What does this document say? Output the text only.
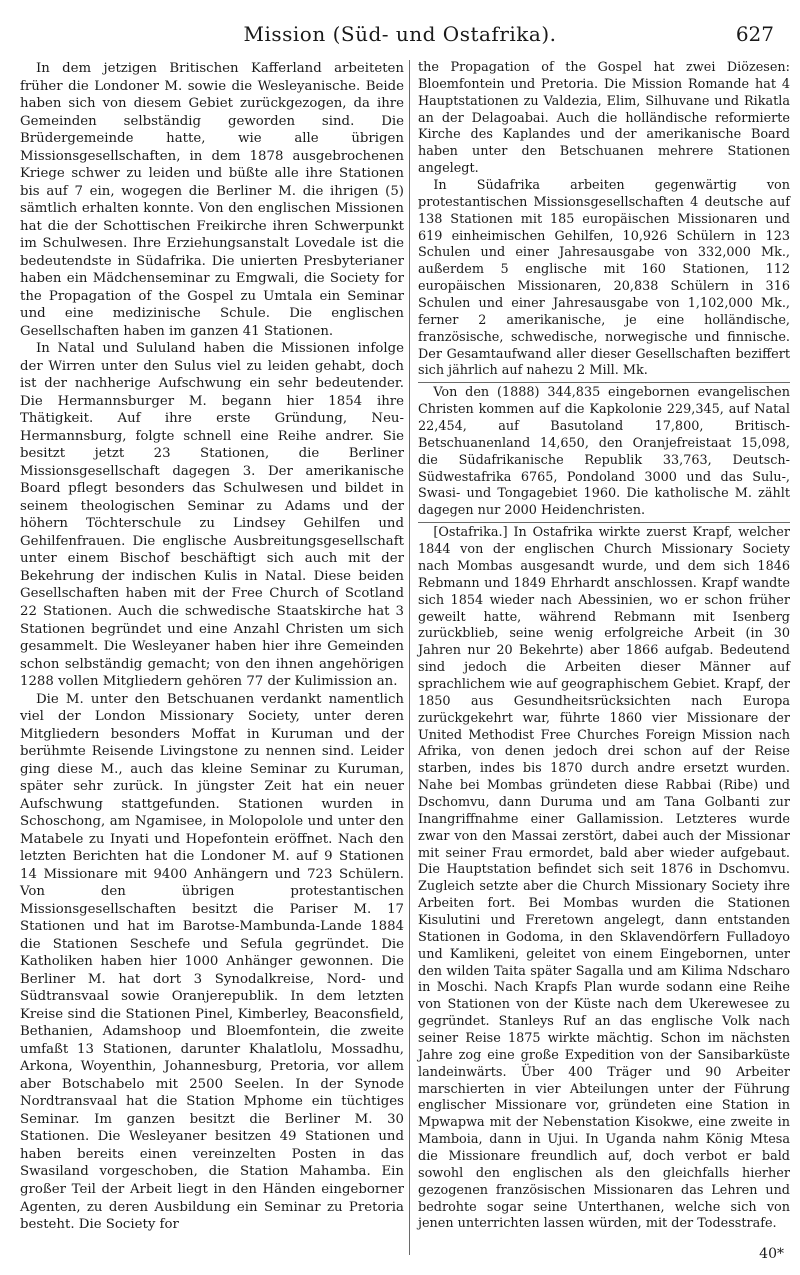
Mission (Süd- und Ostafrika).	627

In dem jetzigen Britischen Kafferland arbeiteten früher die Londoner M. sowie die Wesleyanische. Beide haben sich von diesem Gebiet zurückgezogen, da ihre Gemeinden selbständig geworden sind. Die Brüdergemeinde hatte, wie alle übrigen Missionsgesellschaften, in dem 1878 ausgebrochenen Kriege schwer zu leiden und büßte alle ihre Stationen bis auf 7 ein, wogegen die Berliner M. die ihrigen (5) sämtlich erhalten konnte. Von den englischen Missionen hat die der Schottischen Freikirche ihren Schwerpunkt im Schulwesen. Ihre Erziehungsanstalt Lovedale ist die bedeutendste in Südafrika. Die unierten Presbyterianer haben ein Mädchenseminar zu Emgwali, die Society for the Propagation of the Gospel zu Umtala ein Seminar und eine medizinische Schule. Die englischen Gesellschaften haben im ganzen 41 Stationen.

In Natal und Sululand haben die Missionen infolge der Wirren unter den Sulus viel zu leiden gehabt, doch ist der nachherige Aufschwung ein sehr bedeutender. Die Hermannsburger M. begann hier 1854 ihre Thätigkeit. Auf ihre erste Gründung, Neu-Hermannsburg, folgte schnell eine Reihe andrer. Sie besitzt jetzt 23 Stationen, die Berliner Missionsgesellschaft dagegen 3. Der amerikanische Board pflegt besonders das Schulwesen und bildet in seinem theologischen Seminar zu Adams und der höhern Töchterschule zu Lindsey Gehilfen und Gehilfenfrauen. Die englische Ausbreitungsgesellschaft unter einem Bischof beschäftigt sich auch mit der Bekehrung der indischen Kulis in Natal. Diese beiden Gesellschaften haben mit der Free Church of Scotland 22 Stationen. Auch die schwedische Staatskirche hat 3 Stationen begründet und eine Anzahl Christen um sich gesammelt. Die Wesleyaner haben hier ihre Gemeinden schon selbständig gemacht; von den ihnen angehörigen 1288 vollen Mitgliedern gehören 77 der Kulimission an.

Die M. unter den Betschuanen verdankt namentlich viel der London Missionary Society, unter deren Mitgliedern besonders Moffat in Kuruman und der berühmte Reisende Livingstone zu nennen sind. Leider ging diese M., auch das kleine Seminar zu Kuruman, später sehr zurück. In jüngster Zeit hat ein neuer Aufschwung stattgefunden. Stationen wurden in Schoschong, am Ngamisee, in Molopolole und unter den Matabele zu Inyati und Hopefontein eröffnet. Nach den letzten Berichten hat die Londoner M. auf 9 Stationen 14 Missionare mit 9400 Anhängern und 723 Schülern. Von den übrigen protestantischen Missionsgesellschaften besitzt die Pariser M. 17 Stationen und hat im Barotse-Mambunda-Lande 1884 die Stationen Seschefe und Sefula gegründet. Die Katholiken haben hier 1000 Anhänger gewonnen. Die Berliner M. hat dort 3 Synodalkreise, Nord- und Südtransvaal sowie Oranjerepublik. In dem letzten Kreise sind die Stationen Pinel, Kimberley, Beaconsfield, Bethanien, Adamshoop und Bloemfontein, die zweite umfaßt 13 Stationen, darunter Khalatlolu, Mossadhu, Arkona, Woyenthin, Johannesburg, Pretoria, vor allem aber Botschabelo mit 2500 Seelen. In der Synode Nordtransvaal hat die Station Mphome ein tüchtiges Seminar. Im ganzen besitzt die Berliner M. 30 Stationen. Die Wesleyaner besitzen 49 Stationen und haben bereits einen vereinzelten Posten in das Swasiland vorgeschoben, die Station Mahamba. Ein großer Teil der Arbeit liegt in den Händen eingeborner Agenten, zu deren Ausbildung ein Seminar zu Pretoria besteht. Die Society for

the Propagation of the Gospel hat zwei Diözesen: Bloemfontein und Pretoria. Die Mission Romande hat 4 Hauptstationen zu Valdezia, Elim, Silhuvane und Rikatla an der Delagoabai. Auch die holländische reformierte Kirche des Kaplandes und der amerikanische Board haben unter den Betschuanen mehrere Stationen angelegt.

In Südafrika arbeiten gegenwärtig von protestantischen Missionsgesellschaften 4 deutsche auf 138 Stationen mit 185 europäischen Missionaren und 619 einheimischen Gehilfen, 10,926 Schülern in 123 Schulen und einer Jahresausgabe von 332,000 Mk., außerdem 5 englische mit 160 Stationen, 112 europäischen Missionaren, 20,838 Schülern in 316 Schulen und einer Jahresausgabe von 1,102,000 Mk., ferner 2 amerikanische, je eine holländische, französische, schwedische, norwegische und finnische. Der Gesamtaufwand aller dieser Gesellschaften beziffert sich jährlich auf nahezu 2 Mill. Mk.

Von den (1888) 344,835 eingebornen evangelischen Christen kommen auf die Kapkolonie 229,345, auf Natal 22,454, auf Basutoland 17,800, Britisch-Betschuanenland 14,650, den Oranjefreistaat 15,098, die Südafrikanische Republik 33,763, Deutsch-Südwestafrika 6765, Pondoland 3000 und das Sulu-, Swasi- und Tongagebiet 1960. Die katholische M. zählt dagegen nur 2000 Heidenchristen.

[Ostafrika.] In Ostafrika wirkte zuerst Krapf, welcher 1844 von der englischen Church Missionary Society nach Mombas ausgesandt wurde, und dem sich 1846 Rebmann und 1849 Ehrhardt anschlossen. Krapf wandte sich 1854 wieder nach Abessinien, wo er schon früher geweilt hatte, während Rebmann mit Isenberg zurückblieb, seine wenig erfolgreiche Arbeit (in 30 Jahren nur 20 Bekehrte) aber 1866 aufgab. Bedeutend sind jedoch die Arbeiten dieser Männer auf sprachlichem wie auf geographischem Gebiet. Krapf, der 1850 aus Gesundheitsrücksichten nach Europa zurückgekehrt war, führte 1860 vier Missionare der United Methodist Free Churches Foreign Mission nach Afrika, von denen jedoch drei schon auf der Reise starben, indes bis 1870 durch andre ersetzt wurden. Nahe bei Mombas gründeten diese Rabbai (Ribe) und Dschomvu, dann Duruma und am Tana Golbanti zur Inangriffnahme einer Gallamission. Letzteres wurde zwar von den Massai zerstört, dabei auch der Missionar mit seiner Frau ermordet, bald aber wieder aufgebaut. Die Hauptstation befindet sich seit 1876 in Dschomvu. Zugleich setzte aber die Church Missionary Society ihre Arbeiten fort. Bei Mombas wurden die Stationen Kisulutini und Freretown angelegt, dann entstanden Stationen in Godoma, in den Sklavendörfern Fulladoyo und Kamlikeni, geleitet von einem Eingebornen, unter den wilden Taita später Sagalla und am Kilima Ndscharo in Moschi. Nach Krapfs Plan wurde sodann eine Reihe von Stationen von der Küste nach dem Ukerewesee zu gegründet. Stanleys Ruf an das englische Volk nach seiner Reise 1875 wirkte mächtig. Schon im nächsten Jahre zog eine große Expedition von der Sansibarküste landeinwärts. Über 400 Träger und 90 Arbeiter marschierten in vier Abteilungen unter der Führung englischer Missionare vor, gründeten eine Station in Mpwapwa mit der Nebenstation Kisokwe, eine zweite in Mamboia, dann in Ujui. In Uganda nahm König Mtesa die Missionare freundlich auf, doch verbot er bald sowohl den englischen als den gleichfalls hierher gezogenen französischen Missionaren das Lehren und bedrohte sogar seine Unterthanen, welche sich von jenen unterrichten lassen würden, mit der Todesstrafe.

40*
